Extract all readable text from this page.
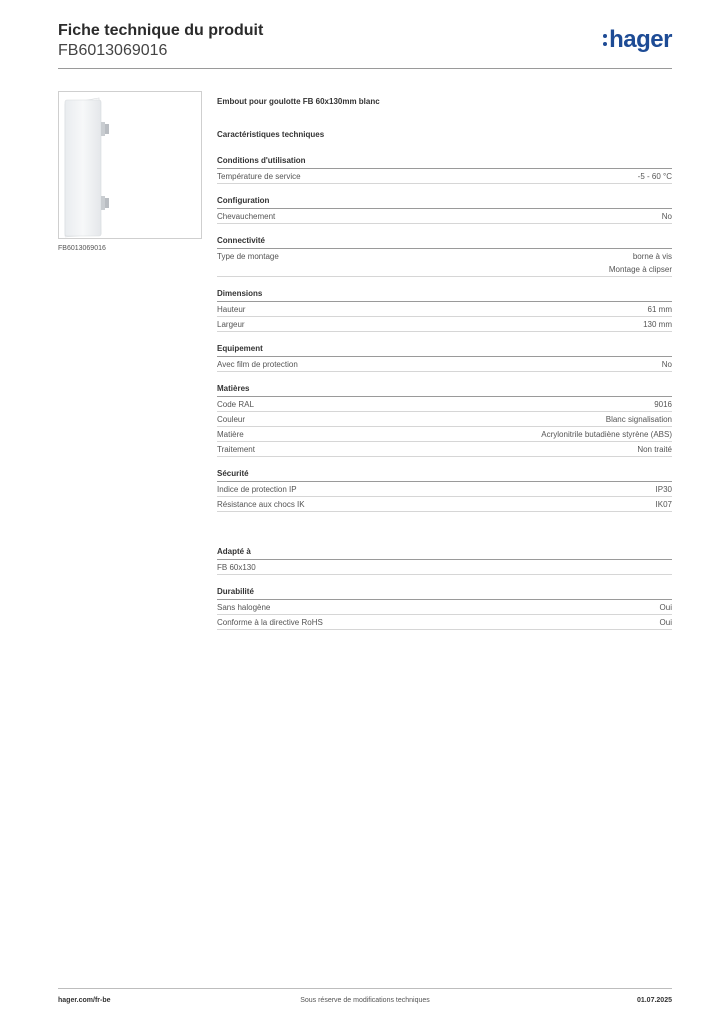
Fiche technique du produit
FB6013069016	hager
FB6013069016
Embout pour goulotte FB 60x130mm blanc
Caractéristiques techniques
Conditions d'utilisation
Température de service	-5 - 60 °C
Configuration
Chevauchement	No
Connectivité
Type de montage	borne à vis
Montage à clipser
Dimensions
Hauteur	61 mm
Largeur	130 mm
Equipement
Avec film de protection	No
Matières
Code RAL	9016
Couleur	Blanc signalisation
Matière	Acrylonitrile butadiène styrène (ABS)
Traitement	Non traité
Sécurité
Indice de protection IP	IP30
Résistance aux chocs IK	IK07
Adapté à
FB 60x130
Durabilité
Sans halogène	Oui
Conforme à la directive RoHS	Oui
hager.com/fr-be	Sous réserve de modifications techniques	01.07.2025
